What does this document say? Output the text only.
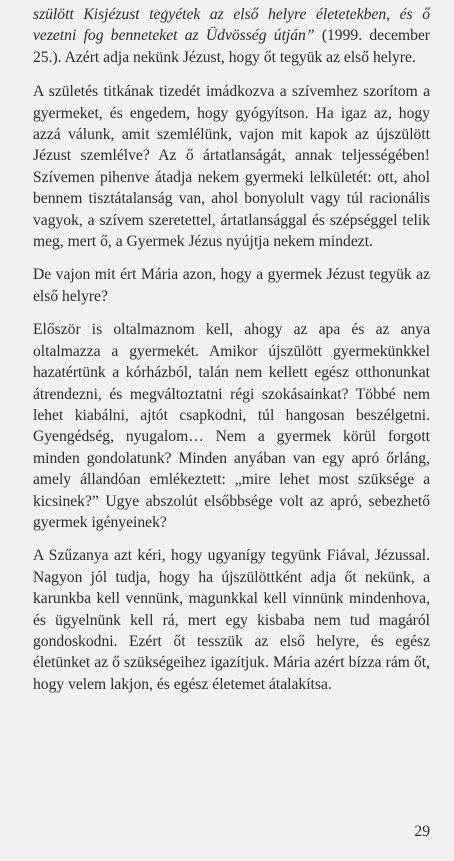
szülött Kisjézust tegyétek az első helyre életetekben, és ő vezetni fog benneteket az Üdvösség útján” (1999. december 25.). Azért adja nekünk Jézust, hogy őt tegyük az első helyre.

A születés titkának tizedét imádkozva a szívemhez szorítom a gyermeket, és engedem, hogy gyógyítson. Ha igaz az, hogy azzá válunk, amit szemlélünk, vajon mit kapok az újszülött Jézust szemlélve? Az ő ártatlanságát, annak teljességében! Szívemen pihenve átadja nekem gyermeki lelkületét: ott, ahol bennem tisztátalanság van, ahol bonyolult vagy túl racionális vagyok, a szívem szeretettel, ártatlansággal és szépséggel telik meg, mert ő, a Gyermek Jézus nyújtja nekem mindezt.

De vajon mit ért Mária azon, hogy a gyermek Jézust tegyük az első helyre?

Először is oltalmaznom kell, ahogy az apa és az anya oltalmazza a gyermekét. Amikor újszülött gyermekünkkel hazatértünk a kórházból, talán nem kellett egész otthonunkat átrendezni, és megváltoztatni régi szokásainkat? Többé nem lehet kiabálni, ajtót csapkodni, túl hangosan beszélgetni. Gyengédség, nyugalom… Nem a gyermek körül forgott minden gondolatunk? Minden anyában van egy apró őrláng, amely állandóan emlékeztett: „mire lehet most szüksége a kicsinek?” Ugye abszolút elsőbbsége volt az apró, sebezhető gyermek igényeinek?

A Szűzanya azt kéri, hogy ugyanígy tegyünk Fiával, Jézussal. Nagyon jól tudja, hogy ha újszülöttként adja őt nekünk, a karunkba kell vennünk, magunkkal kell vinnünk mindenhova, és ügyelnünk kell rá, mert egy kisbaba nem tud magáról gondoskodni. Ezért őt tesszük az első helyre, és egész életünket az ő szükségeihez igazítjuk. Mária azért bízza rám őt, hogy velem lakjon, és egész életemet átalakítsa.

29
